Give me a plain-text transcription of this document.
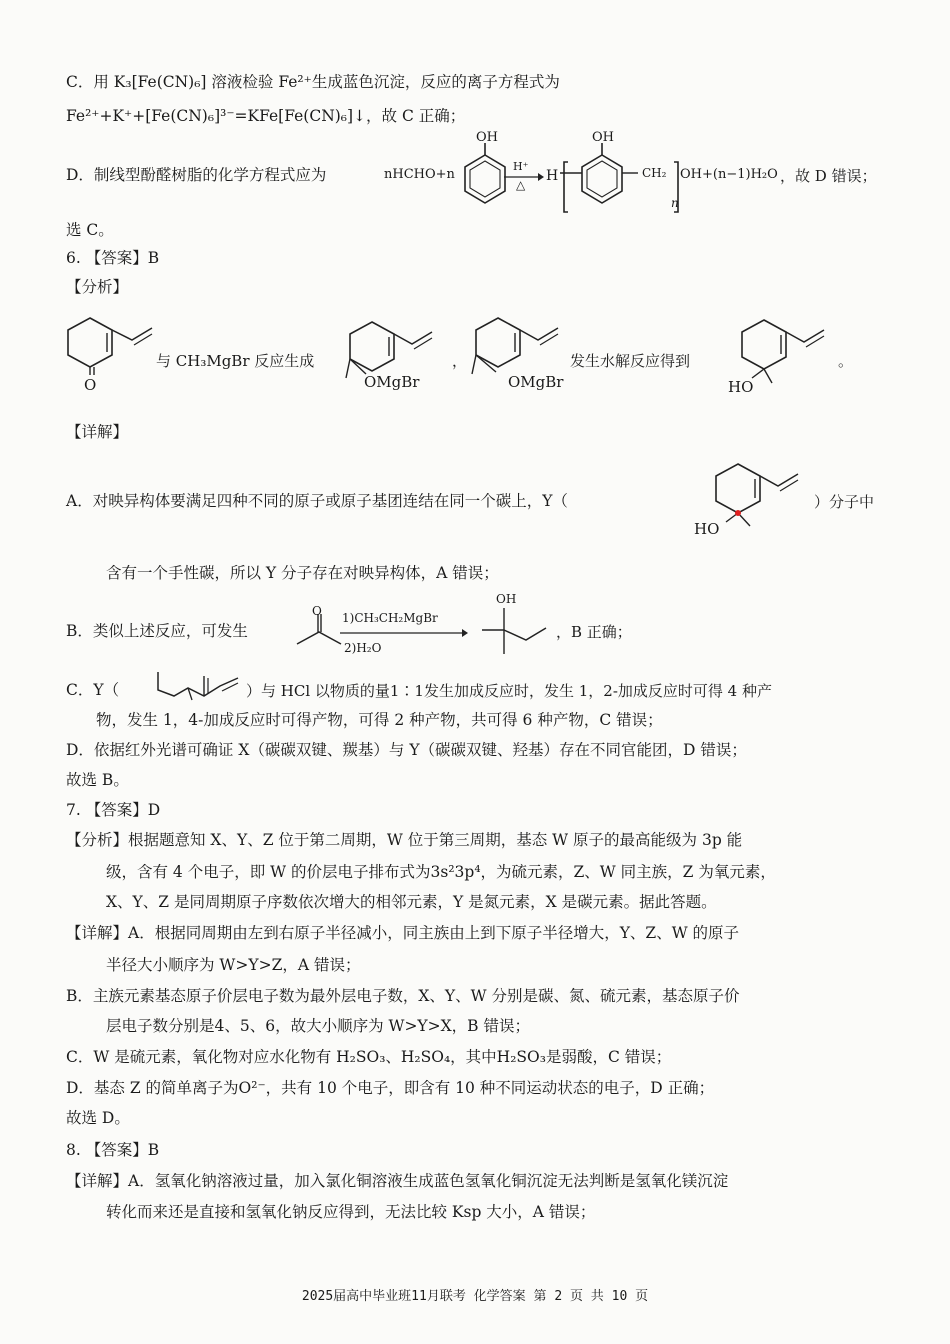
C．用 K₃[Fe(CN)₆] 溶液检验 Fe²⁺生成蓝色沉淀，反应的离子方程式为
Fe²⁺+K⁺+[Fe(CN)₆]³⁻=KFe[Fe(CN)₆]↓，故 C 正确；
D．制线型酚醛树脂的化学方程式应为	nHCHO+n
OH
H⁺
△
H
OH
CH₂
n
OH+(n−1)H₂O ，故 D 错误；
选 C。
6. 【答案】B
【分析】
O
与 CH₃MgBr 反应生成
OMgBr
，
OMgBr
发生水解反应得到
HO
。
【详解】
A．对映异构体要满足四种不同的原子或原子基团连结在同一个碳上，Y（
HO
）分子中
含有一个手性碳，所以 Y 分子存在对映异构体，A 错误；
B．类似上述反应，可发生
O 1)CH₃CH₂MgBr
2)H₂O
OH
，B 正确；
C．Y（	）与 HCl 以物质的量1∶1发生加成反应时，发生 1，2-加成反应时可得 4 种产
物，发生 1，4-加成反应时可得产物，可得 2 种产物，共可得 6 种产物，C 错误；
D．依据红外光谱可确证 X（碳碳双键、羰基）与 Y（碳碳双键、羟基）存在不同官能团，D 错误；
故选 B。
7. 【答案】D
【分析】根据题意知 X、Y、Z 位于第二周期，W 位于第三周期，基态 W 原子的最高能级为 3p 能
级，含有 4 个电子，即 W 的价层电子排布式为3s²3p⁴，为硫元素，Z、W 同主族，Z 为氧元素，
X、Y、Z 是同周期原子序数依次增大的相邻元素，Y 是氮元素，X 是碳元素。据此答题。
【详解】A．根据同周期由左到右原子半径减小，同主族由上到下原子半径增大，Y、Z、W 的原子
半径大小顺序为 W>Y>Z，A 错误；
B．主族元素基态原子价层电子数为最外层电子数，X、Y、W 分别是碳、氮、硫元素，基态原子价
层电子数分别是4、5、6，故大小顺序为 W>Y>X，B 错误；
C．W 是硫元素，氧化物对应水化物有 H₂SO₃、H₂SO₄，其中H₂SO₃是弱酸，C 错误；
D．基态 Z 的简单离子为O²⁻，共有 10 个电子，即含有 10 种不同运动状态的电子，D 正确；
故选 D。
8. 【答案】B
【详解】A．氢氧化钠溶液过量，加入氯化铜溶液生成蓝色氢氧化铜沉淀无法判断是氢氧化镁沉淀
转化而来还是直接和氢氧化钠反应得到，无法比较 Ksp 大小，A 错误；
2025届高中毕业班11月联考 化学答案 第 2 页 共 10 页
